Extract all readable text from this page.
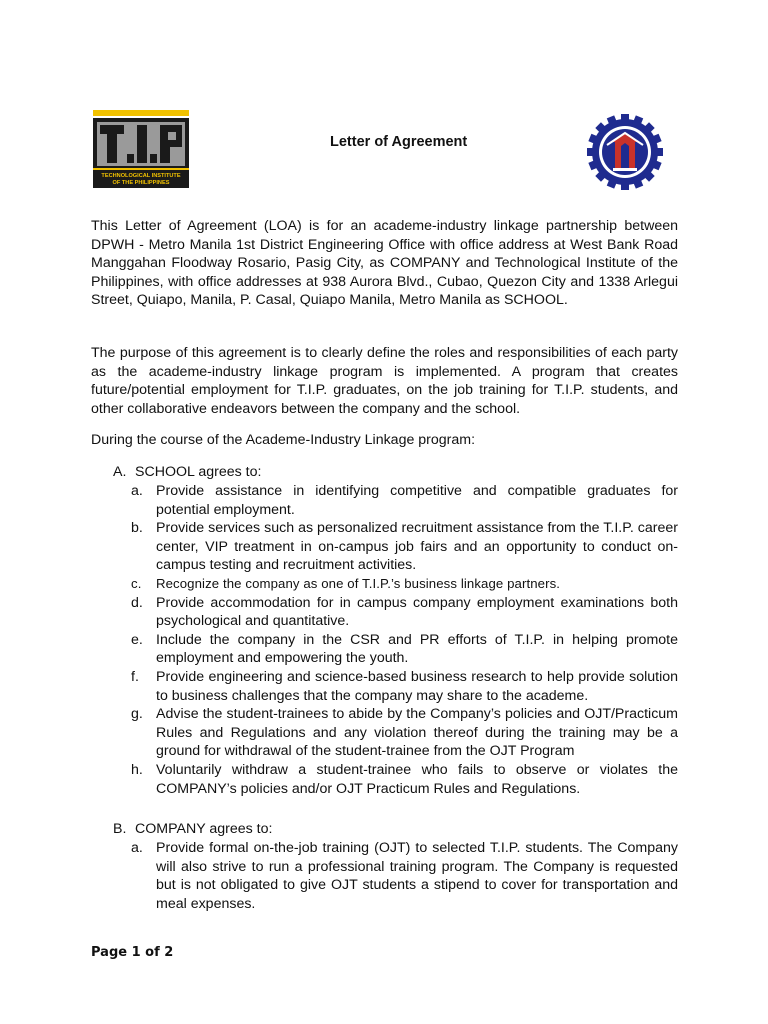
TECHNOLOGICAL INSTITUTE
OF THE PHILIPPINES
Letter of Agreement

This Letter of Agreement (LOA) is for an academe-industry linkage partnership between DPWH - Metro Manila 1st District Engineering Office with office address at West Bank Road Manggahan Floodway Rosario, Pasig City, as COMPANY and Technological Institute of the Philippines, with office addresses at 938 Aurora Blvd., Cubao, Quezon City and 1338 Arlegui Street, Quiapo, Manila, P. Casal, Quiapo Manila, Metro Manila as SCHOOL.

The purpose of this agreement is to clearly define the roles and responsibilities of each party as the academe-industry linkage program is implemented. A program that creates future/potential employment for T.I.P. graduates, on the job training for T.I.P. students, and other collaborative endeavors between the company and the school.

During the course of the Academe-Industry Linkage program:

A. SCHOOL agrees to:

a. Provide assistance in identifying competitive and compatible graduates for potential employment.
b. Provide services such as personalized recruitment assistance from the T.I.P. career center, VIP treatment in on-campus job fairs and an opportunity to conduct on-campus testing and recruitment activities.
c. Recognize the company as one of T.I.P.’s business linkage partners.
d. Provide accommodation for in campus company employment examinations both psychological and quantitative.
e. Include the company in the CSR and PR efforts of T.I.P. in helping promote employment and empowering the youth.
f. Provide engineering and science-based business research to help provide solution to business challenges that the company may share to the academe.
g. Advise the student-trainees to abide by the Company’s policies and OJT/Practicum Rules and Regulations and any violation thereof during the training may be a ground for withdrawal of the student-trainee from the OJT Program
h. Voluntarily withdraw a student-trainee who fails to observe or violates the COMPANY’s policies and/or OJT Practicum Rules and Regulations.

B. COMPANY agrees to:

a. Provide formal on-the-job training (OJT) to selected T.I.P. students. The Company will also strive to run a professional training program. The Company is requested but is not obligated to give OJT students a stipend to cover for transportation and meal expenses.
Page 1 of 2
